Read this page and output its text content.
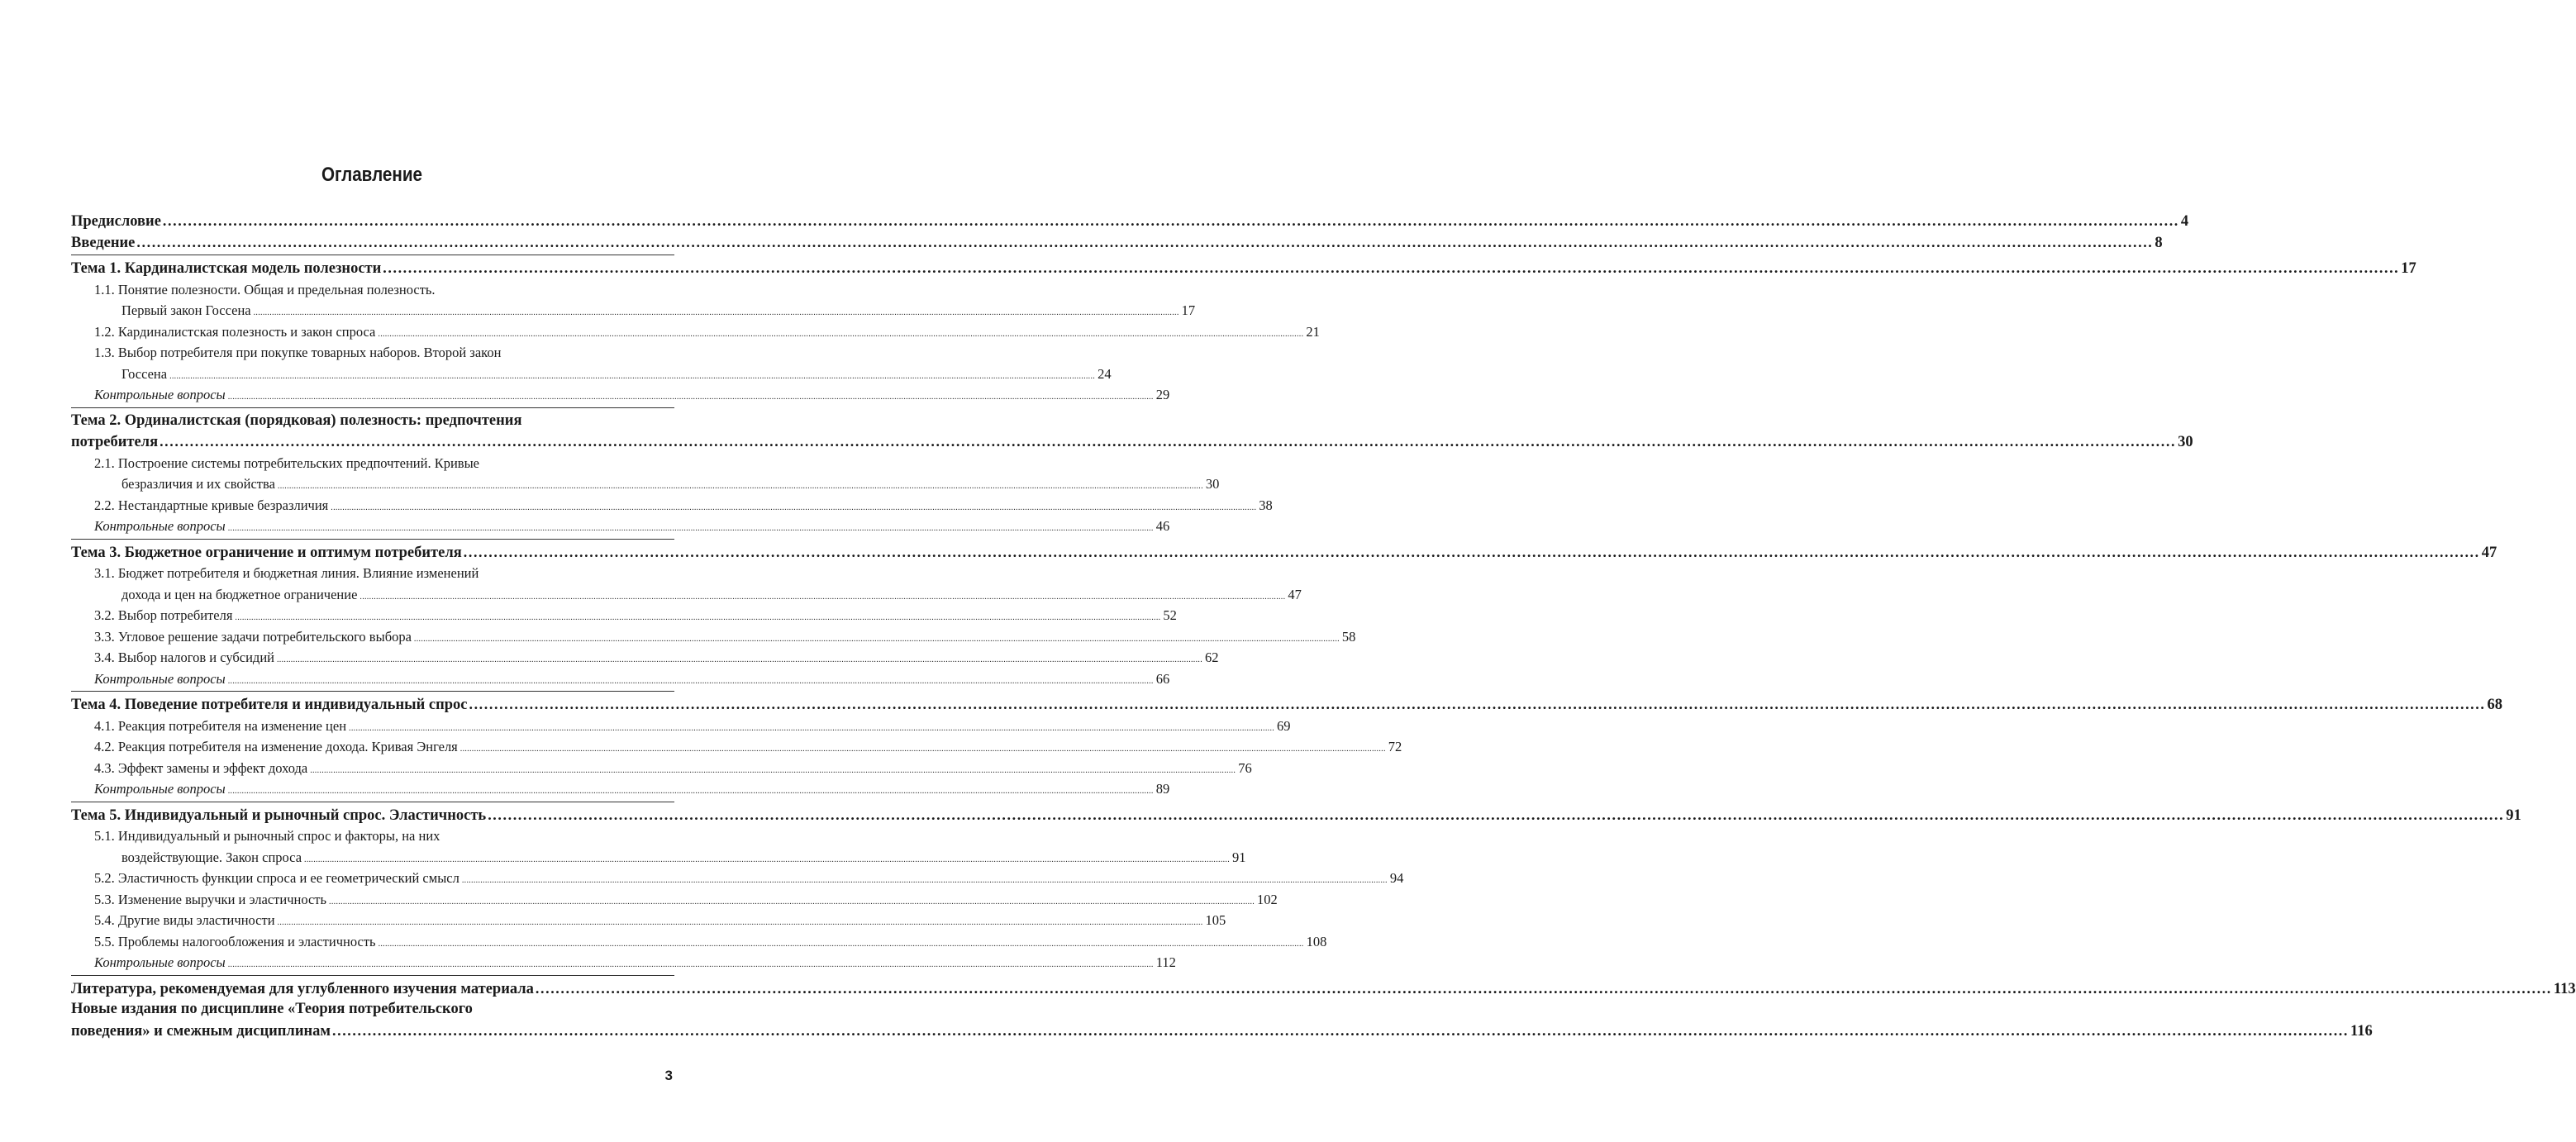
Оглавление
Предисловие ................................................................................................................................................................................................................................................................................................................................................................................................................ 4
Введение ................................................................................................................................................................................................................................................................................................................................................................................................................ 8
Тема 1. Кардиналистская модель полезности ................................................................................................................................................................................................................................................................................................................................................................................................................ 17
1.1. Понятие полезности. Общая и предельная полезность.
Первый закон Госсена ................................................................................................................................................................................................................................................................................................................................................................................................................ 17
1.2. Кардиналистская полезность и закон спроса ................................................................................................................................................................................................................................................................................................................................................................................................................ 21
1.3. Выбор потребителя при покупке товарных наборов. Второй закон
Госсена ................................................................................................................................................................................................................................................................................................................................................................................................................ 24
Контрольные вопросы ................................................................................................................................................................................................................................................................................................................................................................................................................ 29
Тема 2. Ординалистская (порядковая) полезность: предпочтения
потребителя ................................................................................................................................................................................................................................................................................................................................................................................................................ 30
2.1. Построение системы потребительских предпочтений. Кривые
безразличия и их свойства ................................................................................................................................................................................................................................................................................................................................................................................................................ 30
2.2. Нестандартные кривые безразличия ................................................................................................................................................................................................................................................................................................................................................................................................................ 38
Контрольные вопросы ................................................................................................................................................................................................................................................................................................................................................................................................................ 46
Тема 3. Бюджетное ограничение и оптимум потребителя ................................................................................................................................................................................................................................................................................................................................................................................................................ 47
3.1. Бюджет потребителя и бюджетная линия. Влияние изменений
дохода и цен на бюджетное ограничение ................................................................................................................................................................................................................................................................................................................................................................................................................ 47
3.2. Выбор потребителя ................................................................................................................................................................................................................................................................................................................................................................................................................ 52
3.3. Угловое решение задачи потребительского выбора ................................................................................................................................................................................................................................................................................................................................................................................................................ 58
3.4. Выбор налогов и субсидий ................................................................................................................................................................................................................................................................................................................................................................................................................ 62
Контрольные вопросы ................................................................................................................................................................................................................................................................................................................................................................................................................ 66
Тема 4. Поведение потребителя и индивидуальный спрос ................................................................................................................................................................................................................................................................................................................................................................................................................ 68
4.1. Реакция потребителя на изменение цен ................................................................................................................................................................................................................................................................................................................................................................................................................ 69
4.2. Реакция потребителя на изменение дохода. Кривая Энгеля ................................................................................................................................................................................................................................................................................................................................................................................................................ 72
4.3. Эффект замены и эффект дохода ................................................................................................................................................................................................................................................................................................................................................................................................................ 76
Контрольные вопросы ................................................................................................................................................................................................................................................................................................................................................................................................................ 89
Тема 5. Индивидуальный и рыночный спрос. Эластичность ................................................................................................................................................................................................................................................................................................................................................................................................................ 91
5.1. Индивидуальный и рыночный спрос и факторы, на них
воздействующие. Закон спроса ................................................................................................................................................................................................................................................................................................................................................................................................................ 91
5.2. Эластичность функции спроса и ее геометрический смысл ................................................................................................................................................................................................................................................................................................................................................................................................................ 94
5.3. Изменение выручки и эластичность ................................................................................................................................................................................................................................................................................................................................................................................................................ 102
5.4. Другие виды эластичности ................................................................................................................................................................................................................................................................................................................................................................................................................ 105
5.5. Проблемы налогообложения и эластичность ................................................................................................................................................................................................................................................................................................................................................................................................................ 108
Контрольные вопросы ................................................................................................................................................................................................................................................................................................................................................................................................................ 112
Литература, рекомендуемая для углубленного изучения материала ................................................................................................................................................................................................................................................................................................................................................................................................................ 113
Новые издания по дисциплине «Теория потребительского
поведения» и смежным дисциплинам ................................................................................................................................................................................................................................................................................................................................................................................................................ 116
3
